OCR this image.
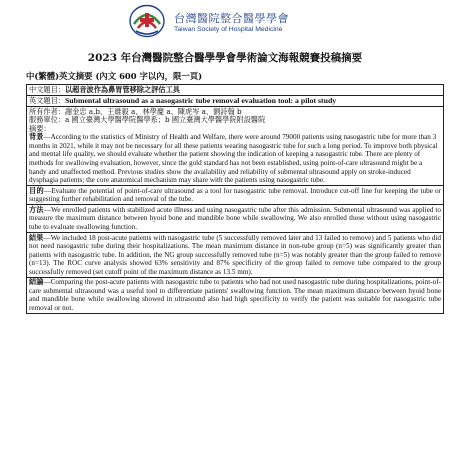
台灣醫院整合醫學學會
Taiwan Society of Hospital Medicine
2023 年台灣醫院整合醫學學會學術論文海報競賽投稿摘要
中(繁體)英文摘要 (內文 600 字以內，限一頁)
中文題目：以超音波作為鼻胃管移除之評估工具
英文題目：Submental ultrasound as a nasogastric tube removal evaluation tool: a pilot study
所有作者：謝金忠 a,b、王維毅 a、林學慶 a、陳虎岑 a、劉詩翰 b
服務單位：a 國立臺灣大學醫學院醫學系；b 國立臺灣大學醫學院附設醫院
摘要：
背景—According to the statistics of Ministry of Health and Welfare, there were around 79000 patients using nasogastric tube for more than 3 months in 2021, while it may not be necessary for all these patients wearing nasogastric tube for such a long period. To improve both physical and mental life quality, we should evaluate whether the patient showing the indication of keeping a nasogastric tube. There are plenty of methods for swallowing evaluation, however, since the gold standard has not been established, using point-of-care ultrasound might be a handy and unaffected method. Previous studies show the availability and reliability of submental ultrasound apply on stroke-induced dysphagia patients; the core anatomical mechanism may share with the patients using nasogastric tube.
目的—Evaluate the potential of point-of-care ultrasound as a tool for nasogastric tube removal. Introduce cut-off line for keeping the tube or suggesting further rehabilitation and removal of the tube.
方法—We enrolled patients with stabilized acute illness and using nasogastric tube after this admission. Submental ultrasound was applied to measure the maximum distance between hyoid bone and mandible bone while swallowing. We also enrolled those without using nasogastric tube to evaluate swallowing function.
結果—We included 18 post-acute patients with nasogastric tube (5 successfully removed later and 13 failed to remove) and 5 patients who did not need nasogastric tube during their hospitalizations. The mean maximum distance in non-tube group (n=5) was significantly greater than patients with nasogastric tube. In addition, the NG group successfully removed tube (n=5) was notably greater than the group failed to remove (n=13). The ROC curve analysis showed 63% sensitivity and 87% specificity of the group failed to remove tube compared to the group successfully removed (set cutoff point of the maximum distance as 13.5 mm).
結論—Comparing the post-acute patients with nasogastric tube to patients who had not used nasogastric tube during hospitalizations, point-of-care submental ultrasound was a useful tool to differentiate patients' swallowing function. The mean maximum distance between hyoid bone and mandible bone while swallowing showed in ultrasound also had high specificity to verify the patient was suitable for nasogastric tube removal or not.
